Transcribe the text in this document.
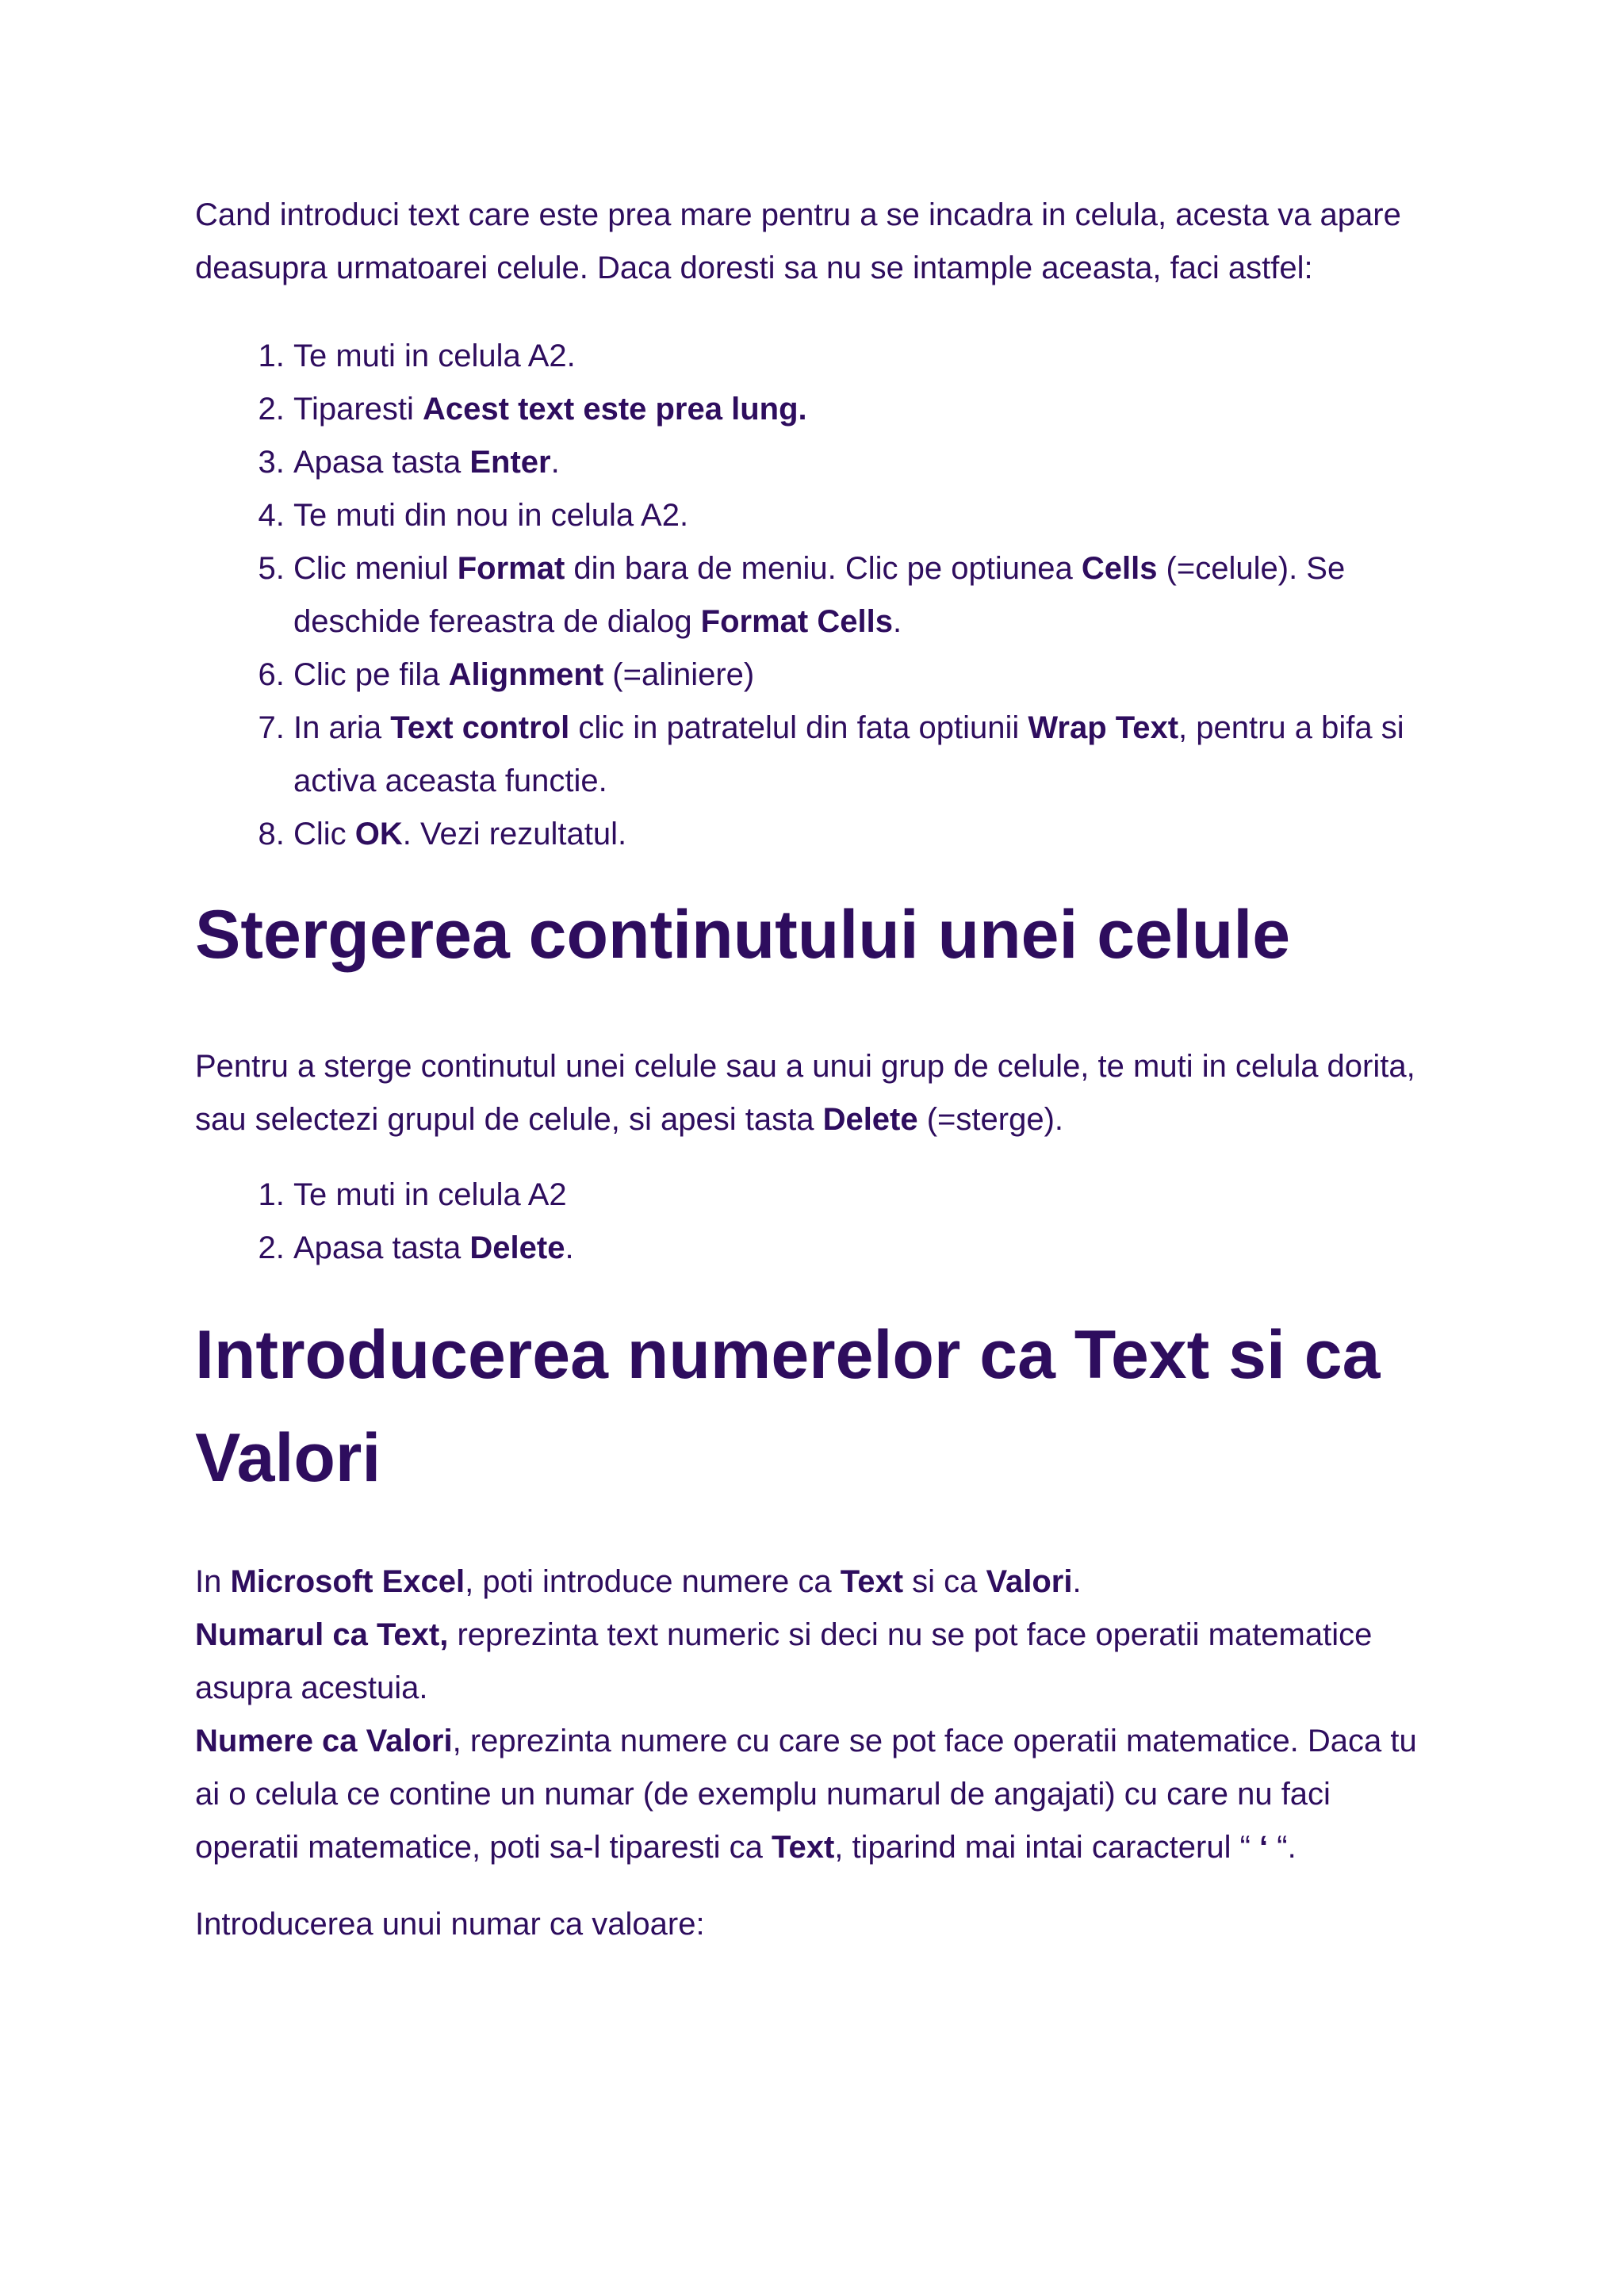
Cand introduci text care este prea mare pentru a se incadra in celula, acesta va apare deasupra urmatoarei celule. Daca doresti sa nu se intample aceasta, faci astfel:

1. Te muti in celula A2.
2. Tiparesti Acest text este prea lung.
3. Apasa tasta Enter.
4. Te muti din nou in celula A2.
5. Clic meniul Format din bara de meniu. Clic pe optiunea Cells (=celule). Se deschide fereastra de dialog Format Cells.
6. Clic pe fila Alignment (=aliniere)
7. In aria Text control clic in patratelul din fata optiunii Wrap Text, pentru a bifa si activa aceasta functie.
8. Clic OK. Vezi rezultatul.
Stergerea continutului unei celule

Pentru a sterge continutul unei celule sau a unui grup de celule, te muti in celula dorita, sau selectezi grupul de celule, si apesi tasta Delete (=sterge).

1. Te muti in celula A2
2. Apasa tasta Delete.
Introducerea numerelor ca Text si ca Valori

In Microsoft Excel, poti introduce numere ca Text si ca Valori.
Numarul ca Text, reprezinta text numeric si deci nu se pot face operatii matematice asupra acestuia.
Numere ca Valori, reprezinta numere cu care se pot face operatii matematice. Daca tu ai o celula ce contine un numar (de exemplu numarul de angajati) cu care nu faci operatii matematice, poti sa-l tiparesti ca Text, tiparind mai intai caracterul “ ‘ “.

Introducerea unui numar ca valoare:
